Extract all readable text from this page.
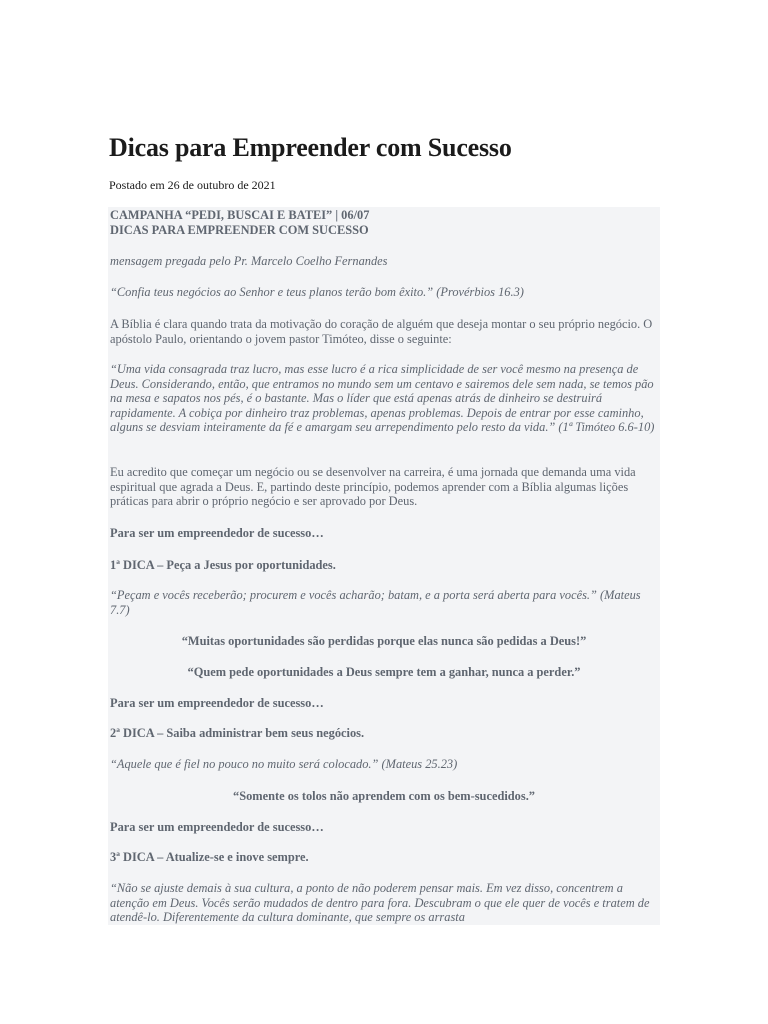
Dicas para Empreender com Sucesso
Postado em 26 de outubro de 2021
CAMPANHA “PEDI, BUSCAI E BATEI” | 06/07
DICAS PARA EMPREENDER COM SUCESSO

mensagem pregada pelo Pr. Marcelo Coelho Fernandes

“Confia teus negócios ao Senhor e teus planos terão bom êxito.” (Provérbios 16.3)

A Bíblia é clara quando trata da motivação do coração de alguém que deseja montar o seu próprio negócio. O apóstolo Paulo, orientando o jovem pastor Timóteo, disse o seguinte:

“Uma vida consagrada traz lucro, mas esse lucro é a rica simplicidade de ser você mesmo na presença de Deus. Considerando, então, que entramos no mundo sem um centavo e sairemos dele sem nada, se temos pão na mesa e sapatos nos pés, é o bastante. Mas o líder que está apenas atrás de dinheiro se destruirá rapidamente. A cobiça por dinheiro traz problemas, apenas problemas. Depois de entrar por esse caminho, alguns se desviam inteiramente da fé e amargam seu arrependimento pelo resto da vida.” (1ª Timóteo 6.6-10)

Eu acredito que começar um negócio ou se desenvolver na carreira, é uma jornada que demanda uma vida espiritual que agrada a Deus. E, partindo deste princípio, podemos aprender com a Bíblia algumas lições práticas para abrir o próprio negócio e ser aprovado por Deus.

Para ser um empreendedor de sucesso…

1ª DICA – Peça a Jesus por oportunidades.

“Peçam e vocês receberão; procurem e vocês acharão; batam, e a porta será aberta para vocês.” (Mateus 7.7)

“Muitas oportunidades são perdidas porque elas nunca são pedidas a Deus!”

“Quem pede oportunidades a Deus sempre tem a ganhar, nunca a perder.”

Para ser um empreendedor de sucesso…

2ª DICA – Saiba administrar bem seus negócios.

“Aquele que é fiel no pouco no muito será colocado.” (Mateus 25.23)

“Somente os tolos não aprendem com os bem-sucedidos.”

Para ser um empreendedor de sucesso…

3ª DICA – Atualize-se e inove sempre.

“Não se ajuste demais à sua cultura, a ponto de não poderem pensar mais. Em vez disso, concentrem a atenção em Deus. Vocês serão mudados de dentro para fora. Descubram o que ele quer de vocês e tratem de atendê-lo. Diferentemente da cultura dominante, que sempre os arrasta
